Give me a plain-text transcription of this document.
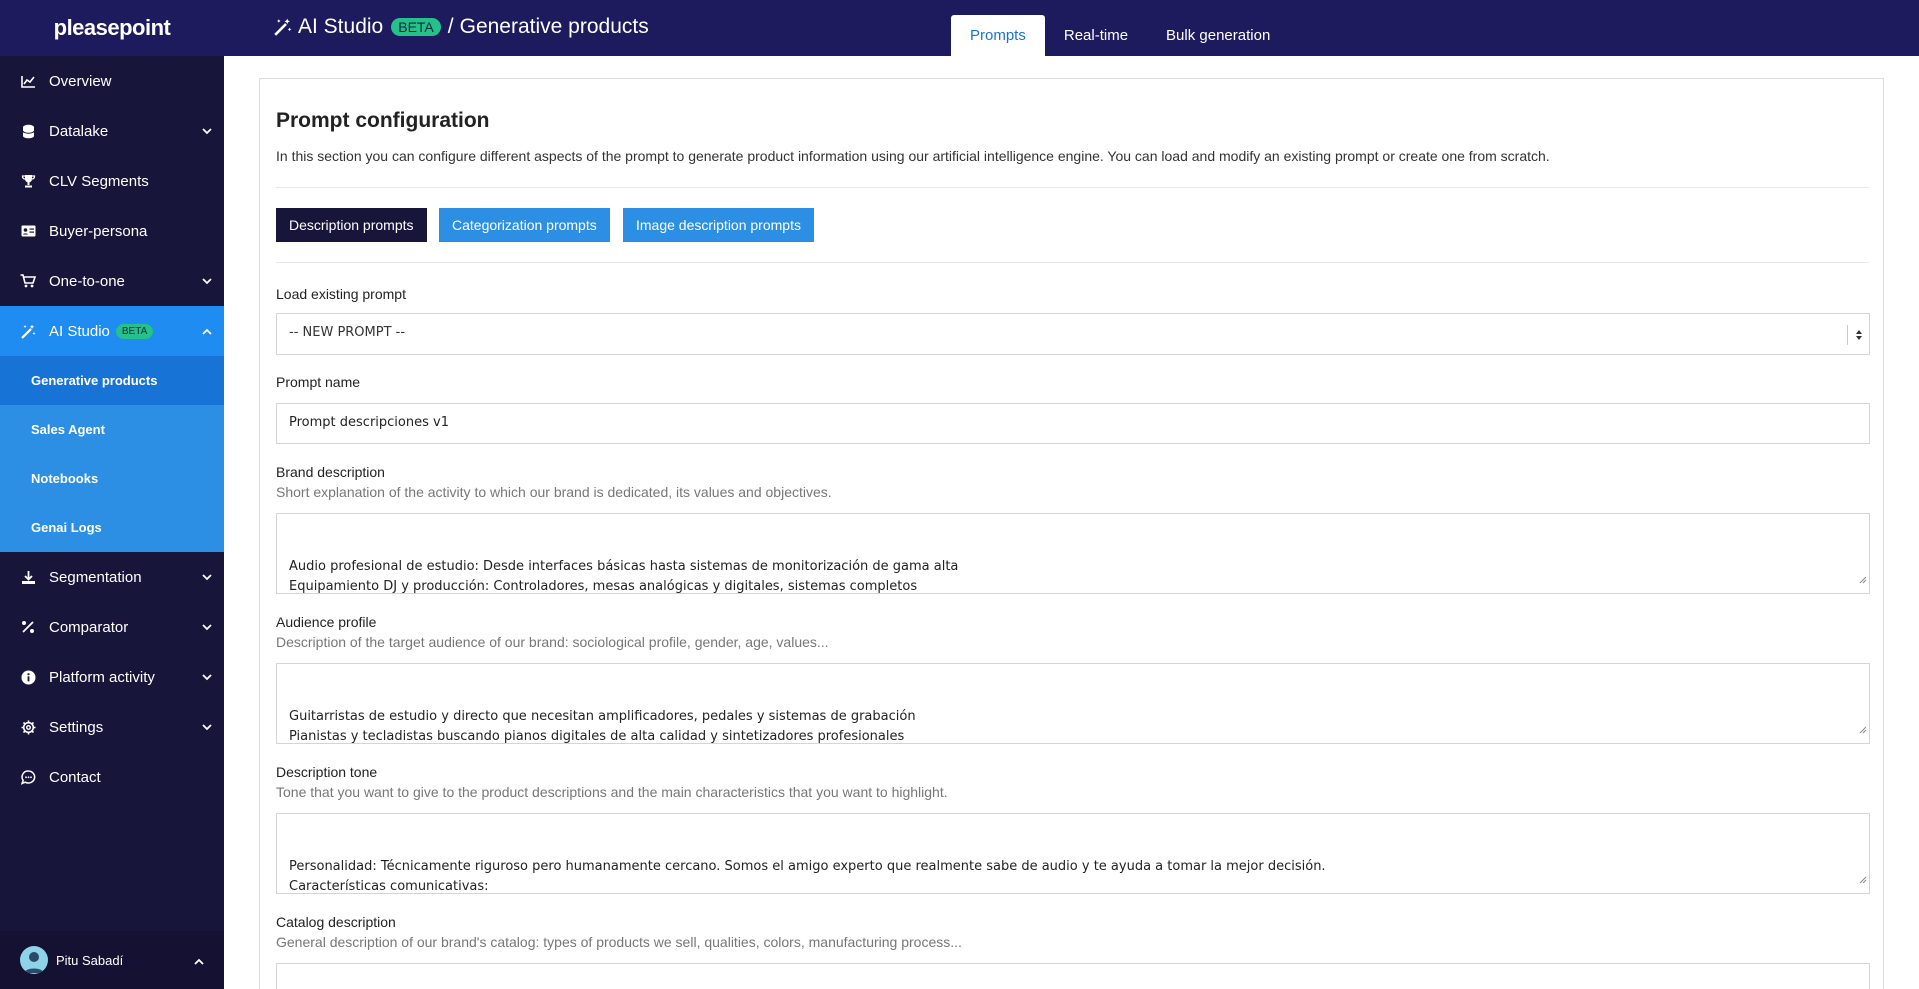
pleasepoint
Overview
Datalake
CLV Segments
Buyer-persona
One-to-one
AI Studio	BETA
Generative products
Sales Agent
Notebooks
Genai Logs
Segmentation
Comparator
Platform activity
Settings
Contact
Pitu Sabadí
AI Studio	BETA / Generative products	Prompts	Real-time	Bulk generation
Prompt configuration
In this section you can configure different aspects of the prompt to generate product information using our artificial intelligence engine. You can load and modify an existing prompt or create one from scratch.
Description prompts	Categorization prompts	Image description prompts
Load existing prompt
-- NEW PROMPT --
Prompt name
Prompt descripciones v1
Brand description
Short explanation of the activity to which our brand is dedicated, its values and objectives.

Audio profesional de estudio: Desde interfaces básicas hasta sistemas de monitorización de gama alta
Equipamiento DJ y producción: Controladores, mesas analógicas y digitales, sistemas completos

Audience profile
Description of the target audience of our brand: sociological profile, gender, age, values...

Guitarristas de estudio y directo que necesitan amplificadores, pedales y sistemas de grabación
Pianistas y tecladistas buscando pianos digitales de alta calidad y sintetizadores profesionales

Description tone
Tone that you want to give to the product descriptions and the main characteristics that you want to highlight.

Personalidad: Técnicamente riguroso pero humanamente cercano. Somos el amigo experto que realmente sabe de audio y te ayuda a tomar la mejor decisión.
Características comunicativas:

Catalog description
General description of our brand's catalog: types of products we sell, qualities, colors, manufacturing process...
